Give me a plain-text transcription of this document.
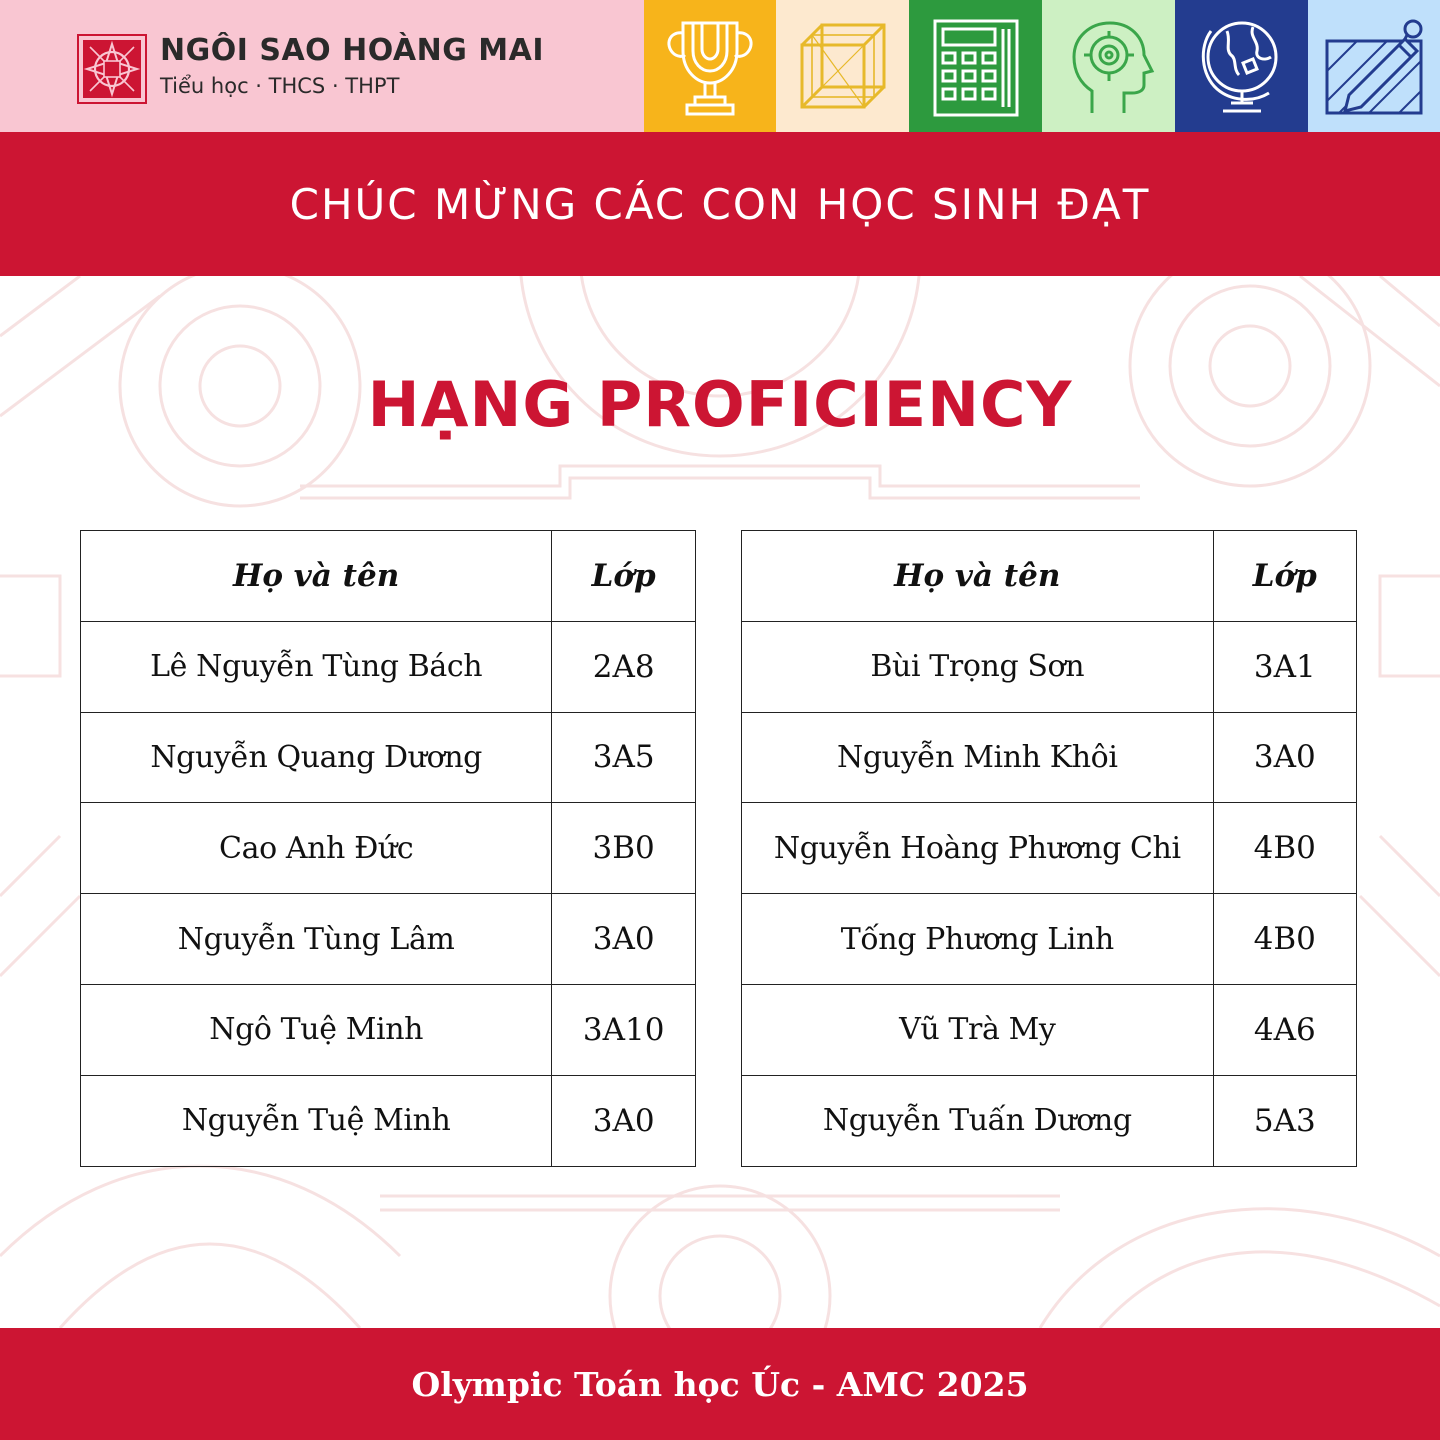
NGÔI SAO HOÀNG MAI
Tiểu học · THCS · THPT
CHÚC MỪNG CÁC CON HỌC SINH ĐẠT
HẠNG PROFICIENCY
Họ và tên	Lớp
Lê Nguyễn Tùng Bách	2A8
Nguyễn Quang Dương	3A5
Cao Anh Đức	3B0
Nguyễn Tùng Lâm	3A0
Ngô Tuệ Minh	3A10
Nguyễn Tuệ Minh	3A0
Họ và tên	Lớp
Bùi Trọng Sơn	3A1
Nguyễn Minh Khôi	3A0
Nguyễn Hoàng Phương Chi	4B0
Tống Phương Linh	4B0
Vũ Trà My	4A6
Nguyễn Tuấn Dương	5A3
Olympic Toán học Úc - AMC 2025
